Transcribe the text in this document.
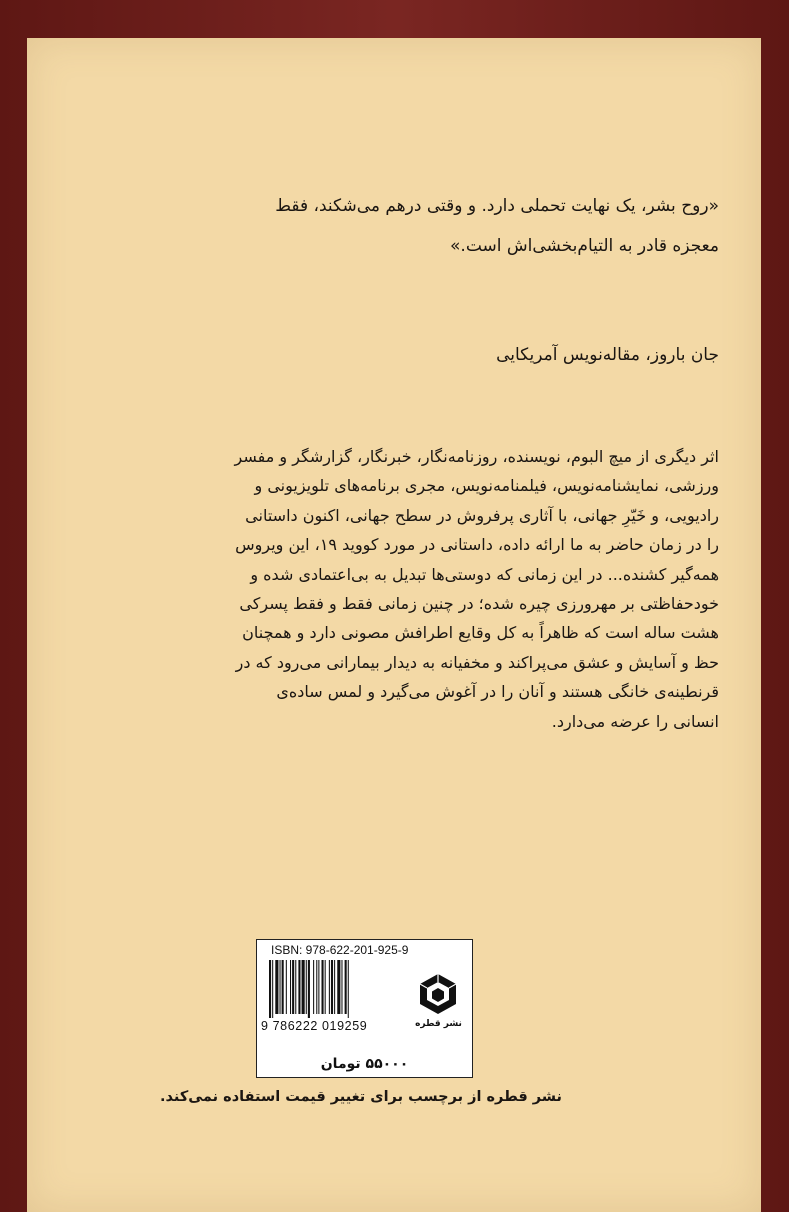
«روح بشر، یک نهایت تحملی دارد. و وقتی درهم می‌شکند، فقط

معجزه قادر به التیام‌بخشی‌اش است.»

جان باروز، مقاله‌نویس آمریکایی

اثر دیگری از میچ البوم، نویسنده، روزنامه‌نگار، خبرنگار، گزارشگر و مفسر

ورزشی، نمایشنامه‌نویس، فیلمنامه‌نویس، مجری برنامه‌های تلویزیونی و

رادیویی، و خَیّرِ جهانی، با آثاری پرفروش در سطح جهانی، اکنون داستانی

را در زمان حاضر به ما ارائه داده، داستانی در مورد کووید ۱۹، این ویروس

همه‌گیر کشنده... در این زمانی که دوستی‌ها تبدیل به بی‌اعتمادی شده و

خودحفاظتی بر مهرورزی چیره شده؛ در چنین زمانی فقط و فقط پسرکی

هشت ساله است که ظاهراً به کل وقایع اطرافش مصونی دارد و همچنان

حظ و آسایش و عشق می‌پراکند و مخفیانه به دیدار بیمارانی می‌رود که در

قرنطینه‌ی خانگی هستند و آنان را در آغوش می‌گیرد و لمس ساده‌ی

انسانی را عرضه می‌دارد.

ISBN: 978-622-201-925-9
9 786222 019259	نشر قطره
۵۵۰۰۰ تومان
نشر قطره از برچسب برای تغییر قیمت استفاده نمی‌کند.
